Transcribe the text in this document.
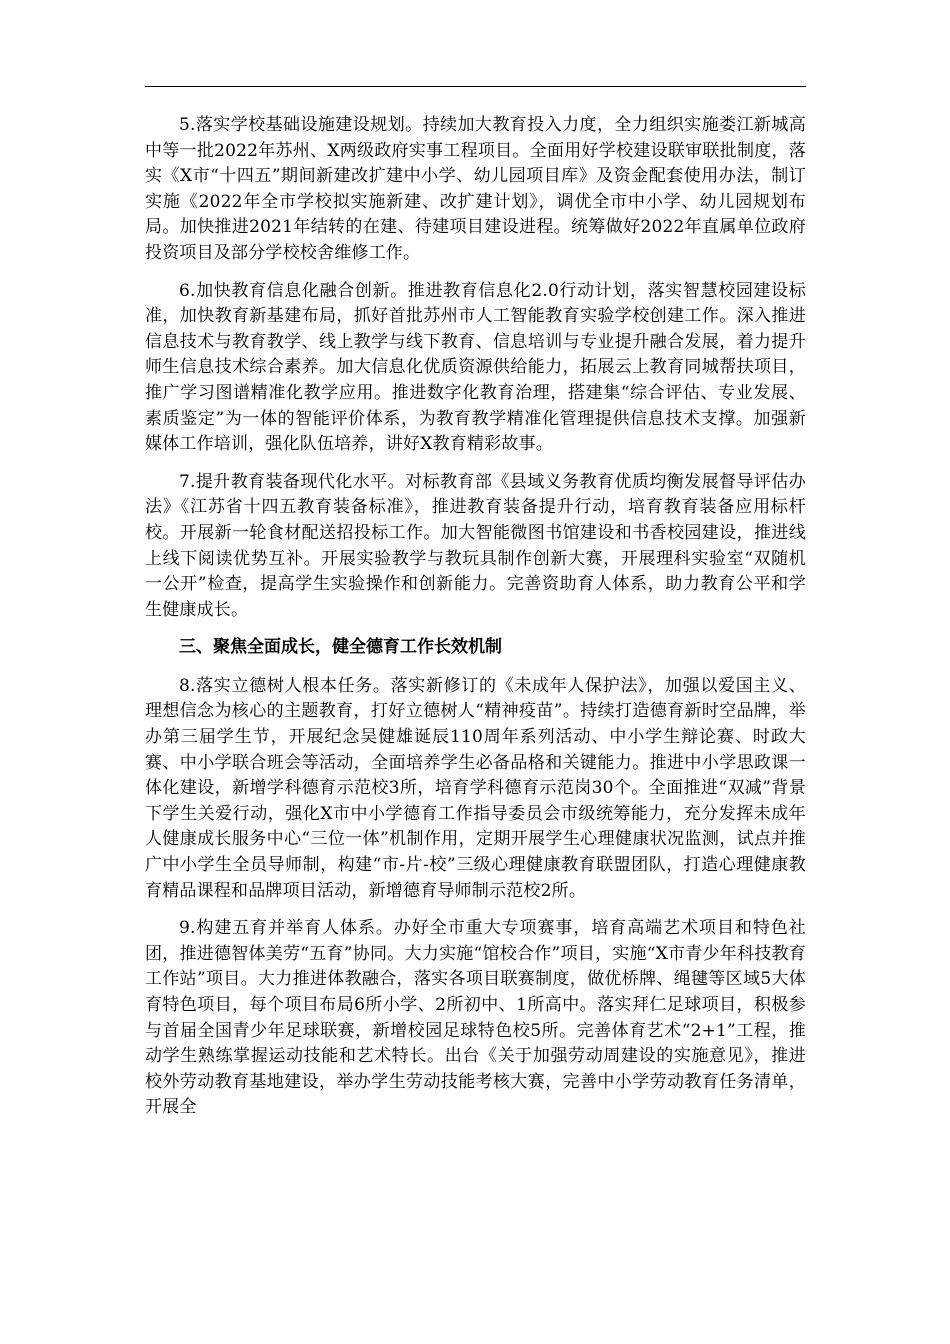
5.落实学校基础设施建设规划。持续加大教育投入力度，全力组织实施娄江新城高中等一批2022年苏州、X两级政府实事工程项目。全面用好学校建设联审联批制度，落实《X市“十四五”期间新建改扩建中小学、幼儿园项目库》及资金配套使用办法，制订实施《2022年全市学校拟实施新建、改扩建计划》，调优全市中小学、幼儿园规划布局。加快推进2021年结转的在建、待建项目建设进程。统筹做好2022年直属单位政府投资项目及部分学校校舍维修工作。

6.加快教育信息化融合创新。推进教育信息化2.0行动计划，落实智慧校园建设标准，加快教育新基建布局，抓好首批苏州市人工智能教育实验学校创建工作。深入推进信息技术与教育教学、线上教学与线下教育、信息培训与专业提升融合发展，着力提升师生信息技术综合素养。加大信息化优质资源供给能力，拓展云上教育同城帮扶项目，推广学习图谱精准化教学应用。推进数字化教育治理，搭建集“综合评估、专业发展、素质鉴定”为一体的智能评价体系，为教育教学精准化管理提供信息技术支撑。加强新媒体工作培训，强化队伍培养，讲好X教育精彩故事。

7.提升教育装备现代化水平。对标教育部《县域义务教育优质均衡发展督导评估办法》《江苏省十四五教育装备标准》，推进教育装备提升行动，培育教育装备应用标杆校。开展新一轮食材配送招投标工作。加大智能微图书馆建设和书香校园建设，推进线上线下阅读优势互补。开展实验教学与教玩具制作创新大赛，开展理科实验室“双随机一公开”检查，提高学生实验操作和创新能力。完善资助育人体系，助力教育公平和学生健康成长。

三、聚焦全面成长，健全德育工作长效机制

8.落实立德树人根本任务。落实新修订的《未成年人保护法》，加强以爱国主义、理想信念为核心的主题教育，打好立德树人“精神疫苗”。持续打造德育新时空品牌，举办第三届学生节，开展纪念吴健雄诞辰110周年系列活动、中小学生辩论赛、时政大赛、中小学联合班会等活动，全面培养学生必备品格和关键能力。推进中小学思政课一体化建设，新增学科德育示范校3所，培育学科德育示范岗30个。全面推进“双减”背景下学生关爱行动，强化X市中小学德育工作指导委员会市级统筹能力，充分发挥未成年人健康成长服务中心“三位一体”机制作用，定期开展学生心理健康状况监测，试点并推广中小学生全员导师制，构建“市-片-校”三级心理健康教育联盟团队，打造心理健康教育精品课程和品牌项目活动，新增德育导师制示范校2所。

9.构建五育并举育人体系。办好全市重大专项赛事，培育高端艺术项目和特色社团，推进德智体美劳“五育”协同。大力实施“馆校合作”项目，实施“X市青少年科技教育工作站”项目。大力推进体教融合，落实各项目联赛制度，做优桥牌、绳毽等区域5大体育特色项目，每个项目布局6所小学、2所初中、1所高中。落实拜仁足球项目，积极参与首届全国青少年足球联赛，新增校园足球特色校5所。完善体育艺术“2+1”工程，推动学生熟练掌握运动技能和艺术特长。出台《关于加强劳动周建设的实施意见》，推进校外劳动教育基地建设，举办学生劳动技能考核大赛，完善中小学劳动教育任务清单，开展全
